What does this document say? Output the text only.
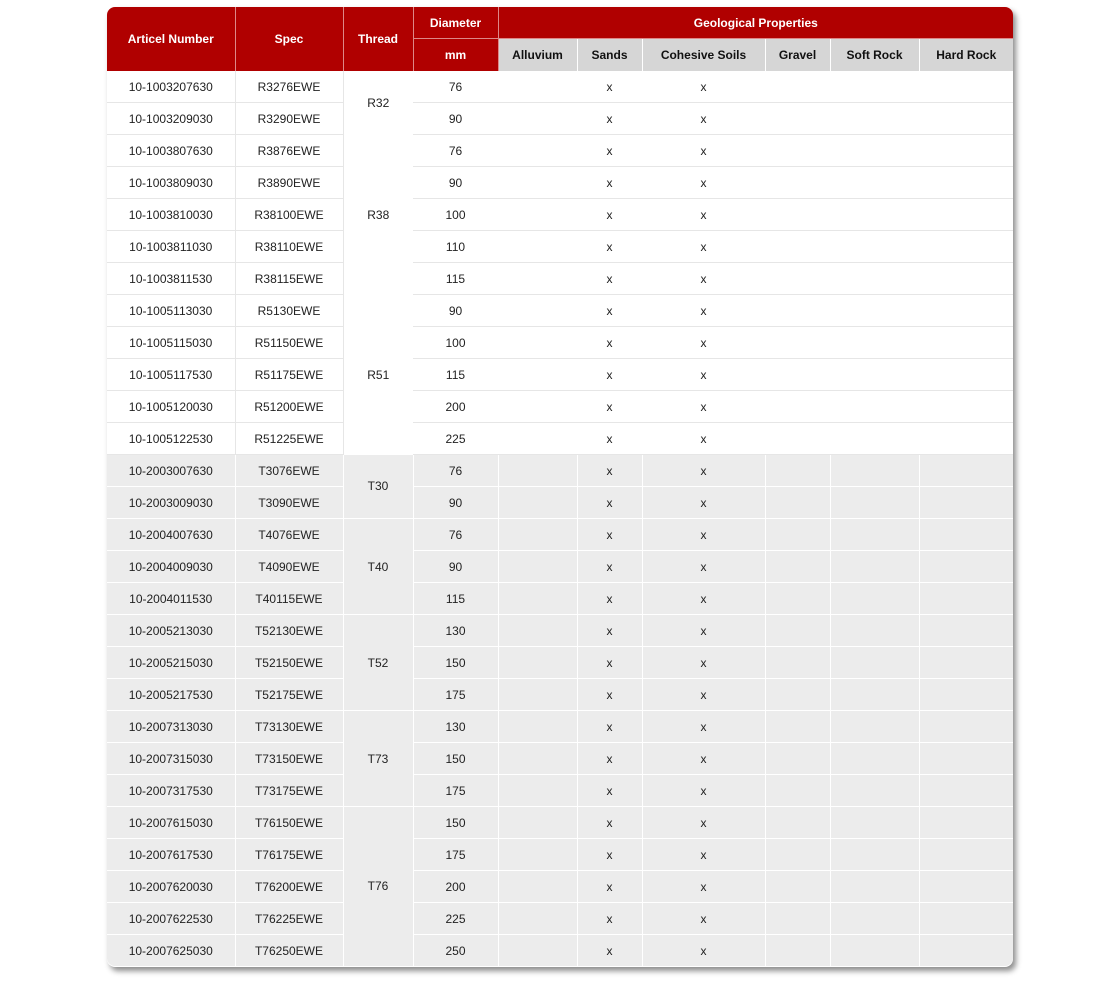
Articel Number	Spec	Thread	Diameter	Geological Properties					
			mm	Alluvium	Sands	Cohesive Soils	Gravel	Soft Rock	Hard Rock
10-1003207630	R3276EWE	R32	76		x	x			
10-1003209030	R3290EWE		90		x	x			
10-1003807630	R3876EWE	R38	76		x	x			
10-1003809030	R3890EWE		90		x	x			
10-1003810030	R38100EWE		100		x	x			
10-1003811030	R38110EWE		110		x	x			
10-1003811530	R38115EWE		115		x	x			
10-1005113030	R5130EWE	R51	90		x	x			
10-1005115030	R51150EWE		100		x	x			
10-1005117530	R51175EWE		115		x	x			
10-1005120030	R51200EWE		200		x	x			
10-1005122530	R51225EWE		225		x	x			
10-2003007630	T3076EWE	T30	76		x	x			
10-2003009030	T3090EWE		90		x	x			
10-2004007630	T4076EWE	T40	76		x	x			
10-2004009030	T4090EWE		90		x	x			
10-2004011530	T40115EWE		115		x	x			
10-2005213030	T52130EWE	T52	130		x	x			
10-2005215030	T52150EWE		150		x	x			
10-2005217530	T52175EWE		175		x	x			
10-2007313030	T73130EWE	T73	130		x	x			
10-2007315030	T73150EWE		150		x	x			
10-2007317530	T73175EWE		175		x	x			
10-2007615030	T76150EWE	T76	150		x	x			
10-2007617530	T76175EWE		175		x	x			
10-2007620030	T76200EWE		200		x	x			
10-2007622530	T76225EWE		225		x	x			
10-2007625030	T76250EWE		250		x	x			
